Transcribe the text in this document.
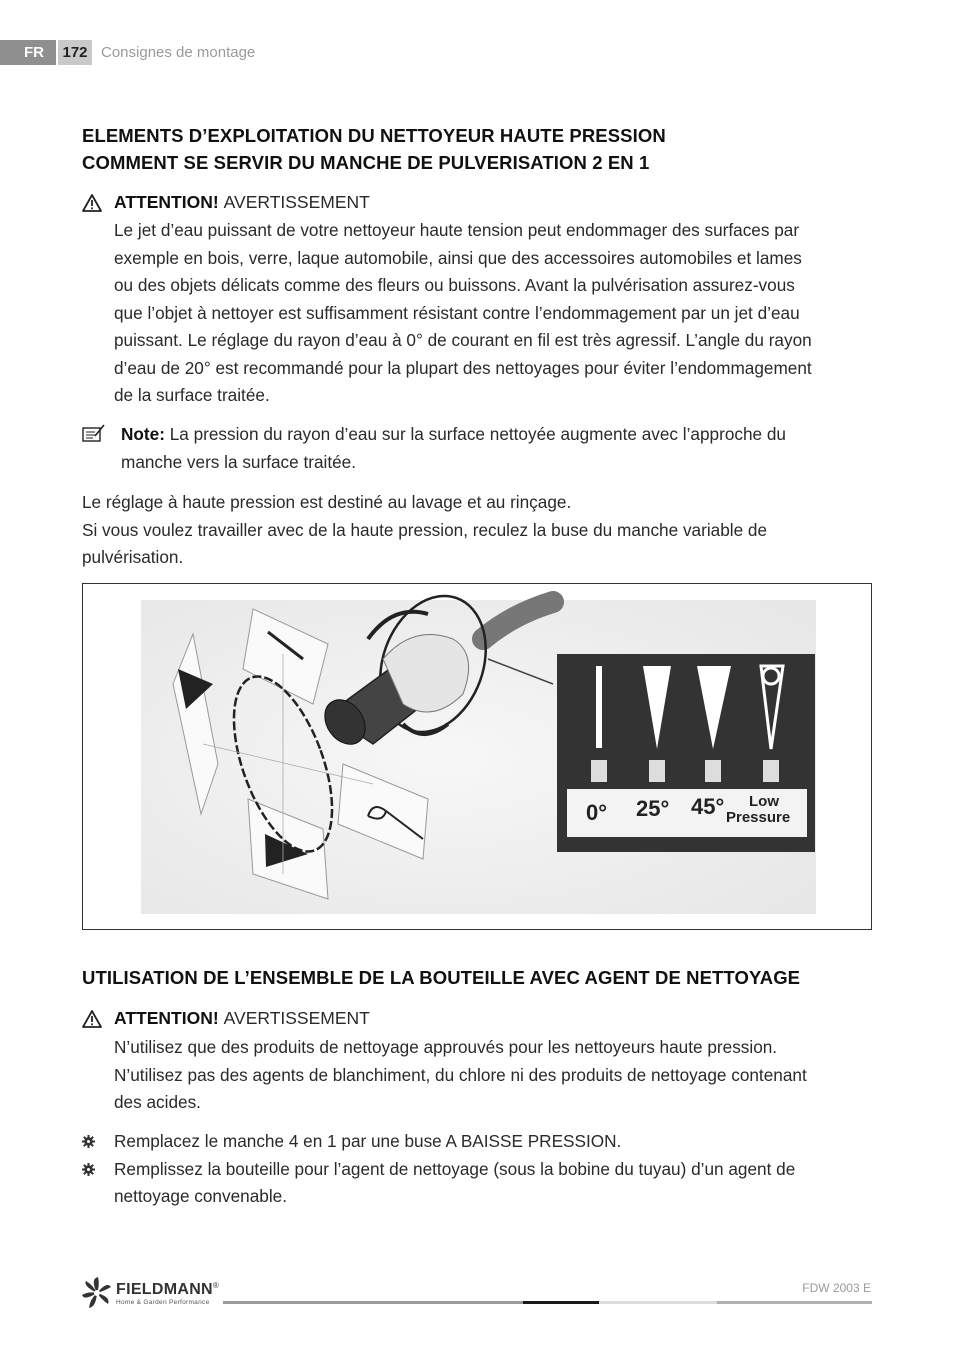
FR	172 Consignes de montage
ELEMENTS D’EXPLOITATION DU NETTOYEUR HAUTE PRESSION
COMMENT SE SERVIR DU MANCHE DE PULVERISATION 2 EN 1
ATTENTION! AVERTISSEMENT
Le jet d’eau puissant de votre nettoyeur haute tension peut endommager des surfaces par
exemple en bois, verre, laque automobile, ainsi que des accessoires automobiles et lames
ou des objets délicats comme des fleurs ou buissons. Avant la pulvérisation assurez-vous
que l’objet à nettoyer est suffisamment résistant contre l’endommagement par un jet d’eau
puissant. Le réglage du rayon d’eau à 0° de courant en fil est très agressif. L’angle du rayon
d’eau de 20° est recommandé pour la plupart des nettoyages pour éviter l’endommagement
de la surface traitée.
Note: La pression du rayon d’eau sur la surface nettoyée augmente avec l’approche du
manche vers la surface traitée.
Le réglage à haute pression est destiné au lavage et au rinçage.
Si vous voulez travailler avec de la haute pression, reculez la buse du manche variable de
pulvérisation.
0° 25° 45° Low
Pressure
UTILISATION DE L’ENSEMBLE DE LA BOUTEILLE AVEC AGENT DE NETTOYAGE
ATTENTION! AVERTISSEMENT
N’utilisez que des produits de nettoyage approuvés pour les nettoyeurs haute pression.
N’utilisez pas des agents de blanchiment, du chlore ni des produits de nettoyage contenant
des acides.
Remplacez le manche 4 en 1 par une buse A BAISSE PRESSION.
Remplissez la bouteille pour l’agent de nettoyage (sous la bobine du tuyau) d’un agent de
nettoyage convenable.
FIELDMANN®
Home & Garden Performance
FDW 2003 E
